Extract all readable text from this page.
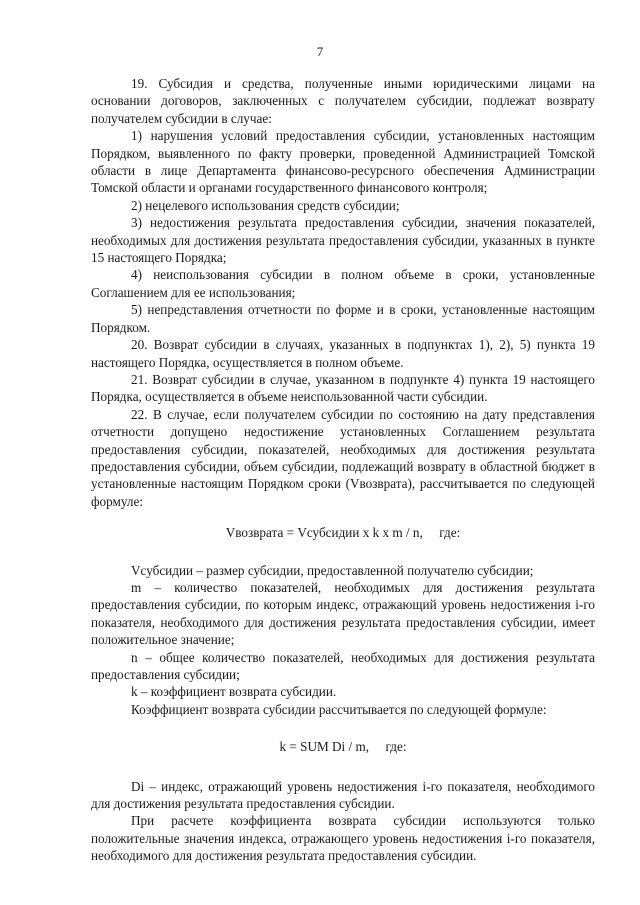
7

19. Субсидия и средства, полученные иными юридическими лицами на основании договоров, заключенных с получателем субсидии, подлежат возврату получателем субсидии в случае:

1) нарушения условий предоставления субсидии, установленных настоящим Порядком, выявленного по факту проверки, проведенной Администрацией Томской области в лице Департамента финансово-ресурсного обеспечения Администрации Томской области и органами государственного финансового контроля;

2) нецелевого использования средств субсидии;

3) недостижения результата предоставления субсидии, значения показателей, необходимых для достижения результата предоставления субсидии, указанных в пункте 15 настоящего Порядка;

4) неиспользования субсидии в полном объеме в сроки, установленные Соглашением для ее использования;

5) непредставления отчетности по форме и в сроки, установленные настоящим Порядком.

20. Возврат субсидии в случаях, указанных в подпунктах 1), 2), 5) пункта 19 настоящего Порядка, осуществляется в полном объеме.

21. Возврат субсидии в случае, указанном в подпункте 4) пункта 19 настоящего Порядка, осуществляется в объеме неиспользованной части субсидии.

22. В случае, если получателем субсидии по состоянию на дату представления отчетности допущено недостижение установленных Соглашением результата предоставления субсидии, показателей, необходимых для достижения результата предоставления субсидии, объем субсидии, подлежащий возврату в областной бюджет в установленные настоящим Порядком сроки (Vвозврата), рассчитывается по следующей формуле:

Vвозврата = Vсубсидии x k x m / n,     где:

Vсубсидии – размер субсидии, предоставленной получателю субсидии;

m – количество показателей, необходимых для достижения результата предоставления субсидии, по которым индекс, отражающий уровень недостижения i-го показателя, необходимого для достижения результата предоставления субсидии, имеет положительное значение;

n – общее количество показателей, необходимых для достижения результата предоставления субсидии;

k – коэффициент возврата субсидии.

Коэффициент возврата субсидии рассчитывается по следующей формуле:

k = SUM Di / m,     где:

Di – индекс, отражающий уровень недостижения i-го показателя, необходимого для достижения результата предоставления субсидии.

При расчете коэффициента возврата субсидии используются только положительные значения индекса, отражающего уровень недостижения i-го показателя, необходимого для достижения результата предоставления субсидии.
